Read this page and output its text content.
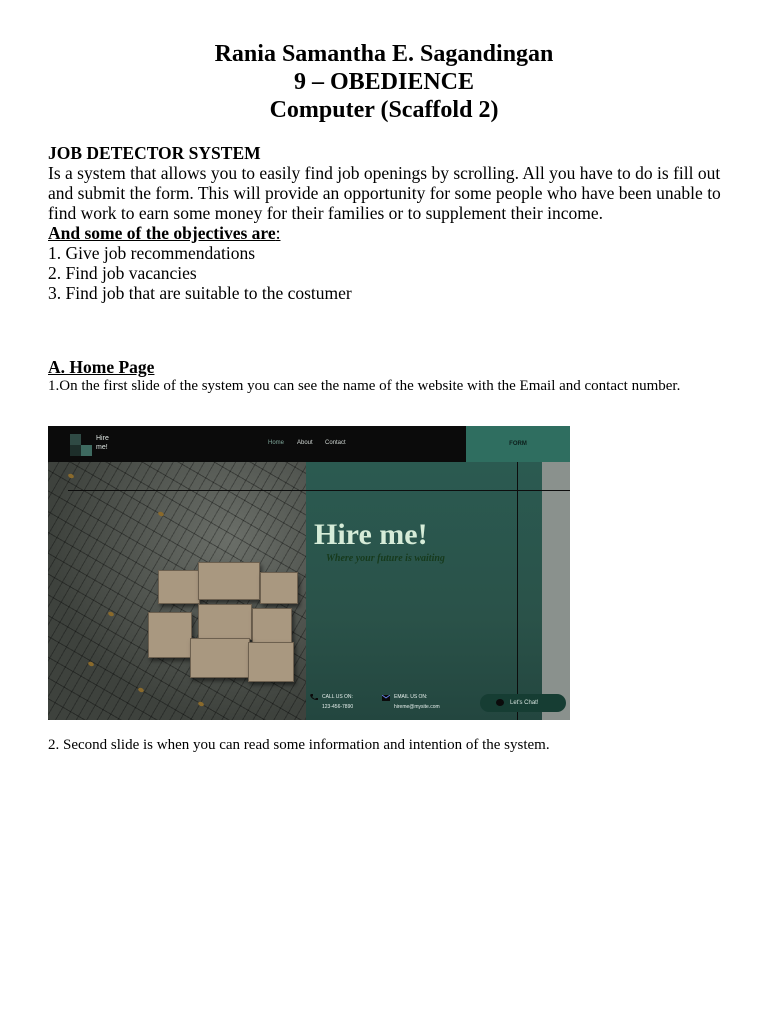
Rania Samantha E. Sagandingan
9 – OBEDIENCE
Computer (Scaffold 2)
JOB DETECTOR SYSTEM
Is a system that allows you to easily find job openings by scrolling. All you have to do is fill out and submit the form. This will provide an opportunity for some people who have been unable to find work to earn some money for their families or to supplement their income.
And some of the objectives are:
1. Give job recommendations
2. Find job vacancies
3. Find job that are suitable to the costumer
A. Home Page
1.On the first slide of the system you can see the name of the website with the Email and contact number.
Hire
me!
Home About Contact	FORM
Hire me!
Where your future is waiting
CALL US ON:
123-456-7890
EMAIL US ON:
hireme@mysite.com
Let's Chat!
2. Second slide is when you can read some information and intention of the system.
